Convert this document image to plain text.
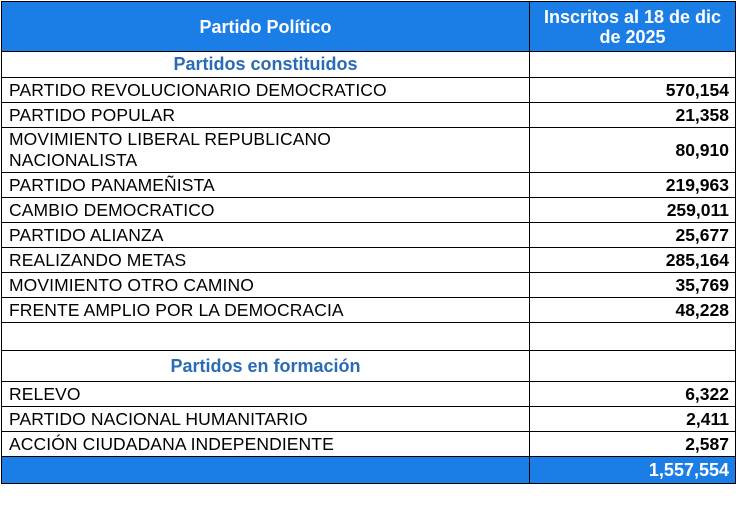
Partido Político	Inscritos al 18 de dic de 2025
Partidos constituidos	
PARTIDO REVOLUCIONARIO DEMOCRATICO	570,154
PARTIDO POPULAR	21,358
MOVIMIENTO LIBERAL REPUBLICANO NACIONALISTA	80,910
PARTIDO PANAMEÑISTA	219,963
CAMBIO DEMOCRATICO	259,011
PARTIDO ALIANZA	25,677
REALIZANDO METAS	285,164
MOVIMIENTO OTRO CAMINO	35,769
FRENTE AMPLIO POR LA DEMOCRACIA	48,228

Partidos en formación	
RELEVO	6,322
PARTIDO NACIONAL HUMANITARIO	2,411
ACCIÓN CIUDADANA INDEPENDIENTE	2,587
	1,557,554
